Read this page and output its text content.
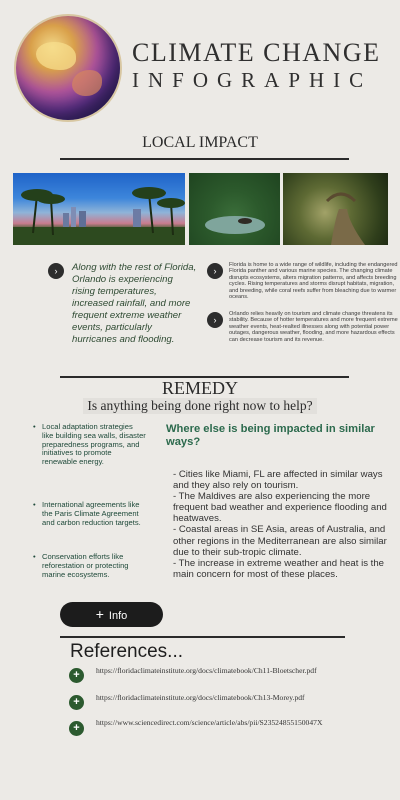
CLIMATE CHANGE
INFOGRAPHIC
LOCAL IMPACT
›	Along with the rest of Florida, Orlando is experiencing rising temperatures, increased rainfall, and more frequent extreme weather events, particularly hurricanes and flooding.
›
Florida is home to a wide range of wildlife, including the endangered Florida panther and various marine species. The changing climate disrupts ecosystems, alters migration patterns, and affects breeding cycles. Rising temperatures and storms disrupt habitats, migration, and breeding, while coral reefs suffer from bleaching due to warmer oceans.
›
Orlando relies heavily on tourism and climate change threatens its stability. Because of hotter temperatures and more frequent extreme weather events, heat-realted illnesses along with potential power outages, dangerous weather, flooding, and more hazardous effects can decrease tourism and its revenue.
REMEDY
Is anything being done right now to help?
• Local adaptation strategies like building sea walls, disaster preparedness programs, and initiatives to promote renewable energy.
• International agreements like the Paris Climate Agreement and carbon reduction targets.
• Conservation efforts like reforestation or protecting marine ecosystems.
Where else is being impacted in similar ways?
- Cities like Miami, FL are affected in similar ways and they also rely on tourism.
- The Maldives are also experiencing the more frequent bad weather and experience flooding and heatwaves.
- Coastal areas in SE Asia, areas of Australia, and other regions in the Mediterranean are also similar due to their sub-tropic climate.
- The increase in extreme weather and heat is the main concern for most of these places.
+ Info
References...
+	https://floridaclimateinstitute.org/docs/climatebook/Ch11-Bloetscher.pdf
+	https://floridaclimateinstitute.org/docs/climatebook/Ch13-Morey.pdf
+	https://www.sciencedirect.com/science/article/abs/pii/S23524855150047X
